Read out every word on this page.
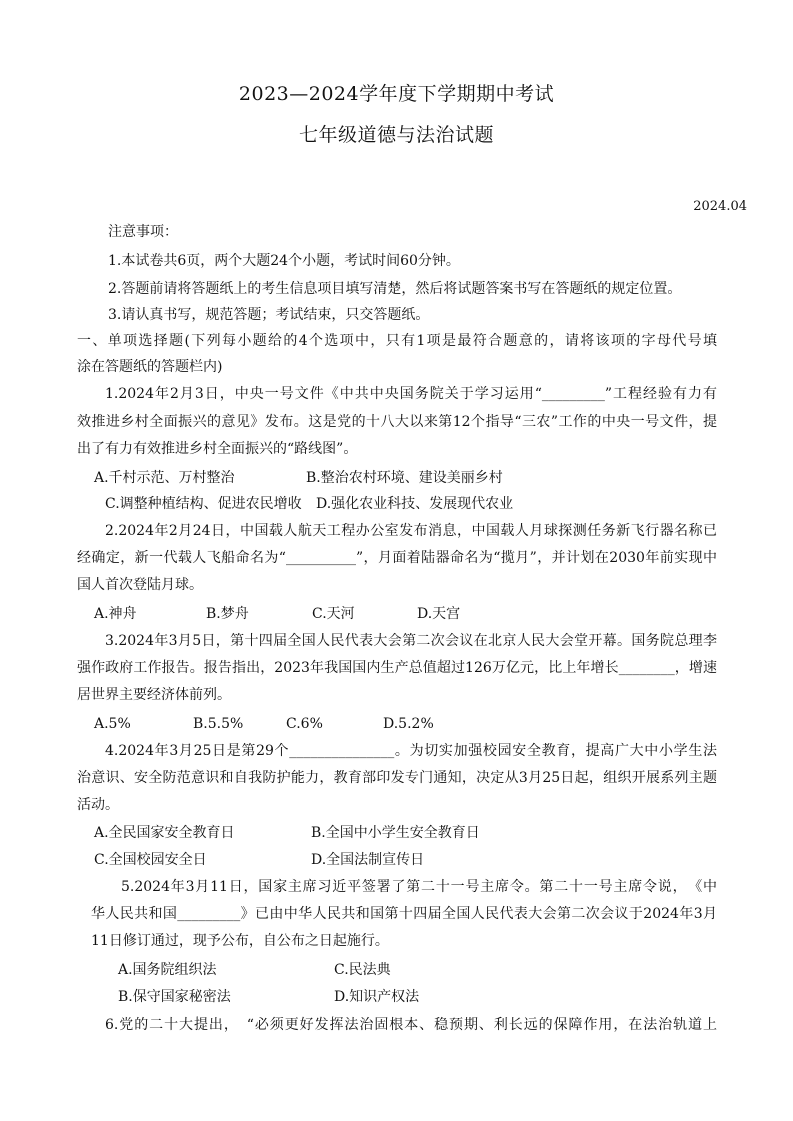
2023—2024学年度下学期期中考试
七年级道德与法治试题
2024.04
注意事项：
1.本试卷共6页，两个大题24个小题，考试时间60分钟。
2.答题前请将答题纸上的考生信息项目填写清楚，然后将试题答案书写在答题纸的规定位置。
3.请认真书写，规范答题；考试结束，只交答题纸。
一、单项选择题(下列每小题给的4个选项中，只有1项是最符合题意的，请将该项的字母代号填
涂在答题纸的答题栏内)
1.2024年2月3日，中央一号文件《中共中央国务院关于学习运用“_________”工程经验有力有
效推进乡村全面振兴的意见》发布。这是党的十八大以来第12个指导“三农”工作的中央一号文件，提
出了有力有效推进乡村全面振兴的“路线图”。
A.千村示范、万村整治	B.整治农村环境、建设美丽乡村
C.调整种植结构、促进农民增收 D.强化农业科技、发展现代农业
2.2024年2月24日，中国载人航天工程办公室发布消息，中国载人月球探测任务新飞行器名称已
经确定，新一代载人飞船命名为“__________”，月面着陆器命名为“揽月”，并计划在2030年前实现中
国人首次登陆月球。
A.神舟	B.梦舟	C.天河	D.天宫
3.2024年3月5日，第十四届全国人民代表大会第二次会议在北京人民大会堂开幕。国务院总理李
强作政府工作报告。报告指出，2023年我国国内生产总值超过126万亿元，比上年增长________，增速
居世界主要经济体前列。
A.5%	B.5.5%	C.6%	D.5.2%
4.2024年3月25日是第29个_______________。为切实加强校园安全教育，提高广大中小学生法
治意识、安全防范意识和自我防护能力，教育部印发专门通知，决定从3月25日起，组织开展系列主题
活动。
A.全民国家安全教育日	B.全国中小学生安全教育日
C.全国校园安全日	D.全国法制宣传日
5.2024年3月11日，国家主席习近平签署了第二十一号主席令。第二十一号主席令说，　《中
华人民共和国_________》已由中华人民共和国第十四届全国人民代表大会第二次会议于2024年3月
11日修订通过，现予公布，自公布之日起施行。
A.国务院组织法	C.民法典
B.保守国家秘密法	D.知识产权法
6.党的二十大提出，　“必须更好发挥法治固根本、稳预期、利长远的保障作用，在法治轨道上
